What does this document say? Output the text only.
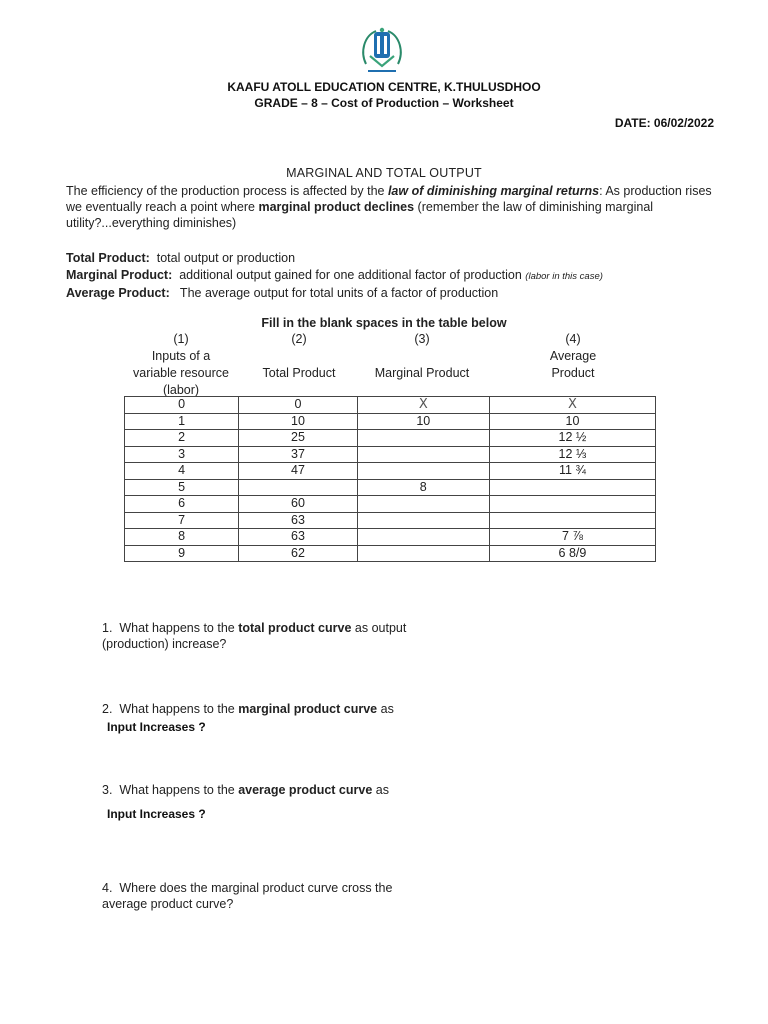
KAAFU ATOLL EDUCATION CENTRE, K.THULUSDHOO
GRADE – 8 – Cost of Production – Worksheet
DATE: 06/02/2022
MARGINAL AND TOTAL OUTPUT
The efficiency of the production process is affected by the law of diminishing marginal returns: As production rises we eventually reach a point where marginal product declines (remember the law of diminishing marginal utility?...everything diminishes)
Total Product:  total output or production
Marginal Product:  additional output gained for one additional factor of production (labor in this case)
Average Product:   The average output for total units of a factor of production
Fill in the blank spaces in the table below
(1)
Inputs of a
variable resource
(labor)
(2)
Total Product
(3)
Marginal Product
(4)
Average
Product
0	0	X	X
1	10	10	10
2	25		12 ½
3	37		12 ⅓
4	47		11 ¾
5		8	
6	60		
7	63		
8	63		7 ⅞
9	62		6 8/9
1.  What happens to the total product curve as output
(production) increase?
2.  What happens to the marginal product curve as
Input Increases ?
3.  What happens to the average product curve as
Input Increases ?
4.  Where does the marginal product curve cross the
average product curve?
